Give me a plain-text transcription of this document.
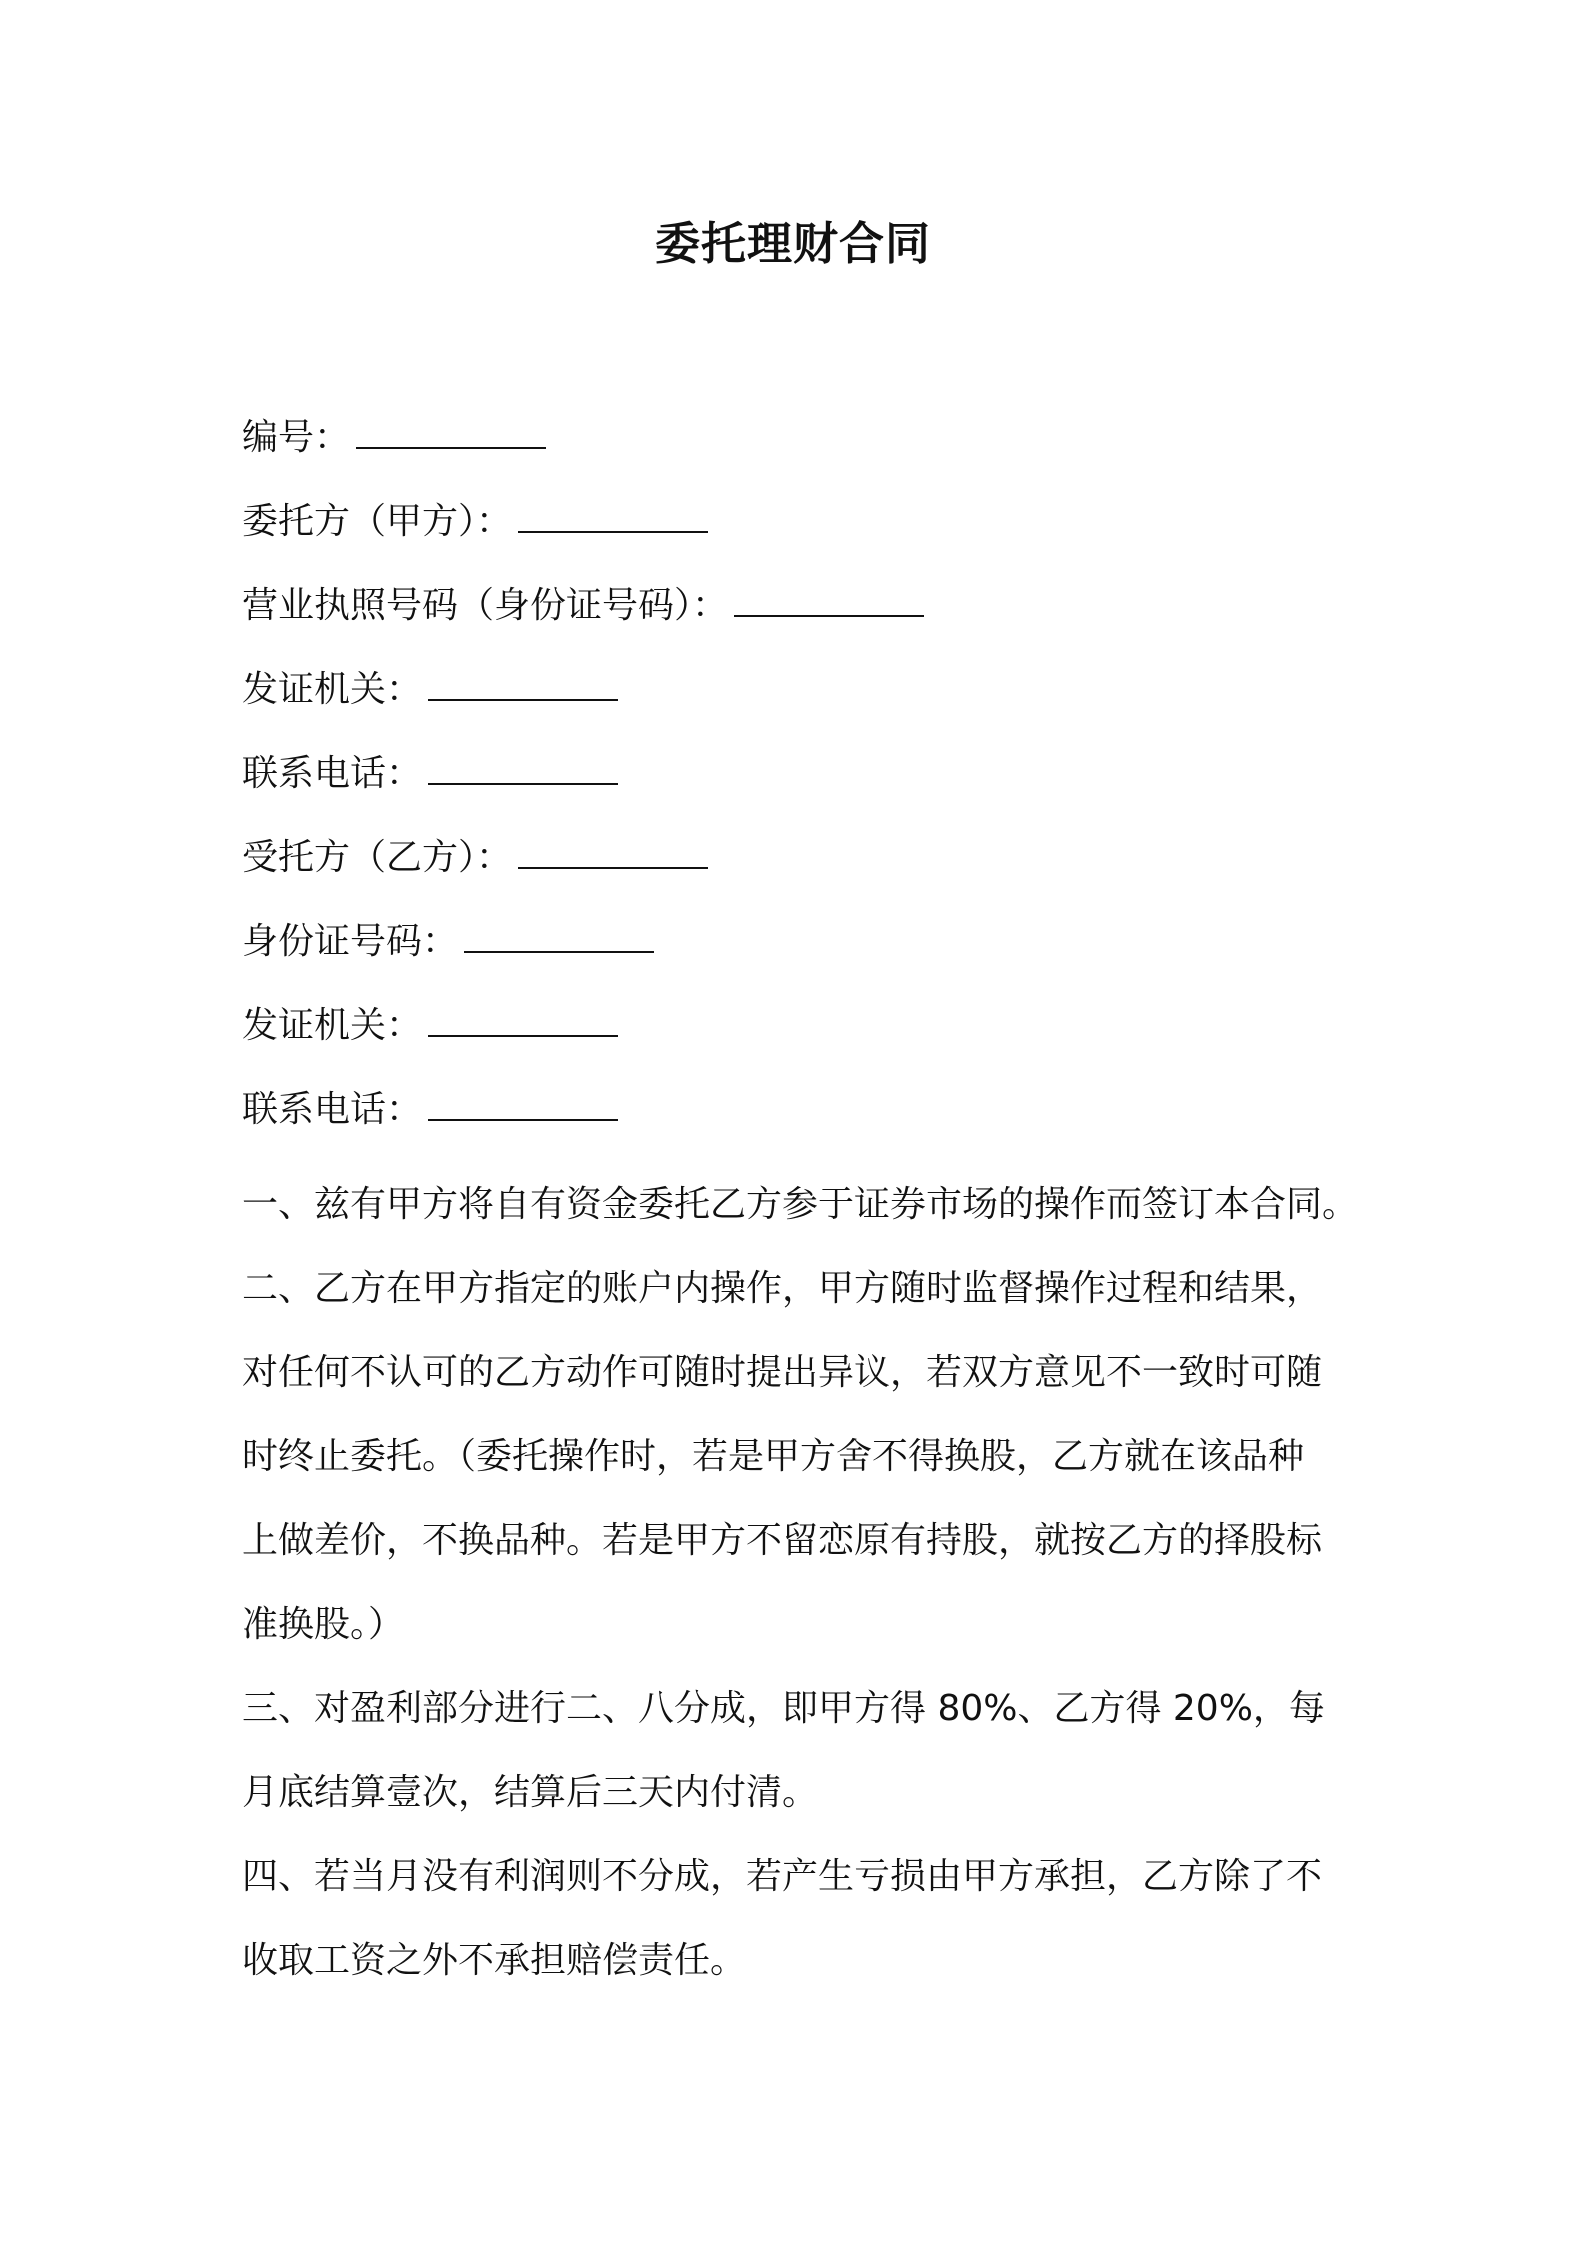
委托理财合同
编号：
委托方（甲方）：
营业执照号码（身份证号码）：
发证机关：
联系电话：
受托方（乙方）：
身份证号码：
发证机关：
联系电话：

一、兹有甲方将自有资金委托乙方参于证券市场的操作而签订本合同。

二、乙方在甲方指定的账户内操作，甲方随时监督操作过程和结果，
对任何不认可的乙方动作可随时提出异议，若双方意见不一致时可随
时终止委托。（委托操作时，若是甲方舍不得换股，乙方就在该品种
上做差价，不换品种。若是甲方不留恋原有持股，就按乙方的择股标
准换股。）

三、对盈利部分进行二、八分成，即甲方得 80%、乙方得 20%，每
月底结算壹次，结算后三天内付清。

四、若当月没有利润则不分成，若产生亏损由甲方承担，乙方除了不
收取工资之外不承担赔偿责任。
